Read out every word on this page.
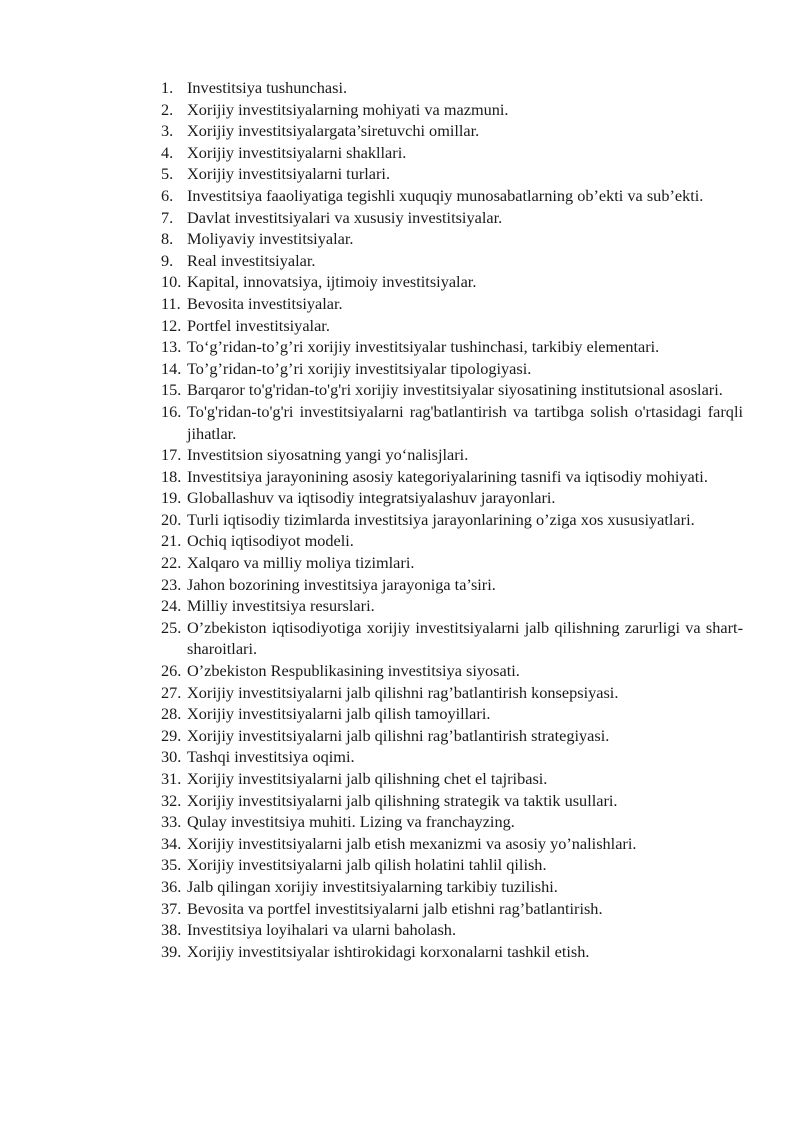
1. Investitsiya tushunchasi.
2. Xorijiy investitsiyalarning mohiyati va mazmuni.
3. Xorijiy investitsiyalargata’siretuvchi omillar.
4. Xorijiy investitsiyalarni shakllari.
5. Xorijiy investitsiyalarni turlari.
6. Investitsiya faaoliyatiga tegishli xuquqiy munosabatlarning ob’ekti va sub’ekti.
7. Davlat investitsiyalari va xususiy investitsiyalar.
8. Moliyaviy investitsiyalar.
9. Real investitsiyalar.
10. Kapital, innovatsiya, ijtimoiy investitsiyalar.
11. Bevosita investitsiyalar.
12. Portfel investitsiyalar.
13. To‘g’ridan-to’g’ri xorijiy investitsiyalar tushinchasi, tarkibiy elementari.
14. To’g’ridan-to’g’ri xorijiy investitsiyalar tipologiyasi.
15. Barqaror to'g'ridan-to'g'ri xorijiy investitsiyalar siyosatining institutsional asoslari.
16. To'g'ridan-to'g'ri investitsiyalarni rag'batlantirish va tartibga solish o'rtasidagi farqli jihatlar.
17. Investitsion siyosatning yangi yo‘nalisjlari.
18. Investitsiya jarayonining asosiy kategoriyalarining tasnifi va iqtisodiy mohiyati.
19. Globallashuv va iqtisodiy integratsiyalashuv jarayonlari.
20. Turli iqtisodiy tizimlarda investitsiya jarayonlarining o’ziga xos xususiyatlari.
21. Ochiq iqtisodiyot modeli.
22. Xalqaro va milliy moliya tizimlari.
23. Jahon bozorining investitsiya jarayoniga ta’siri.
24. Milliy investitsiya resurslari.
25. O’zbekiston iqtisodiyotiga xorijiy investitsiyalarni jalb qilishning zarurligi va shart-sharoitlari.
26. O’zbekiston Respublikasining investitsiya siyosati.
27. Xorijiy investitsiyalarni jalb qilishni rag’batlantirish konsepsiyasi.
28. Xorijiy investitsiyalarni jalb qilish tamoyillari.
29. Xorijiy investitsiyalarni jalb qilishni rag’batlantirish strategiyasi.
30. Tashqi investitsiya oqimi.
31. Xorijiy investitsiyalarni jalb qilishning chet el tajribasi.
32. Xorijiy investitsiyalarni jalb qilishning strategik va taktik usullari.
33. Qulay investitsiya muhiti. Lizing va franchayzing.
34. Xorijiy investitsiyalarni jalb etish mexanizmi va asosiy yo’nalishlari.
35. Xorijiy investitsiyalarni jalb qilish holatini tahlil qilish.
36. Jalb qilingan xorijiy investitsiyalarning tarkibiy tuzilishi.
37. Bevosita va portfel investitsiyalarni jalb etishni rag’batlantirish.
38. Investitsiya loyihalari va ularni baholash.
39. Xorijiy investitsiyalar ishtirokidagi korxonalarni tashkil etish.
